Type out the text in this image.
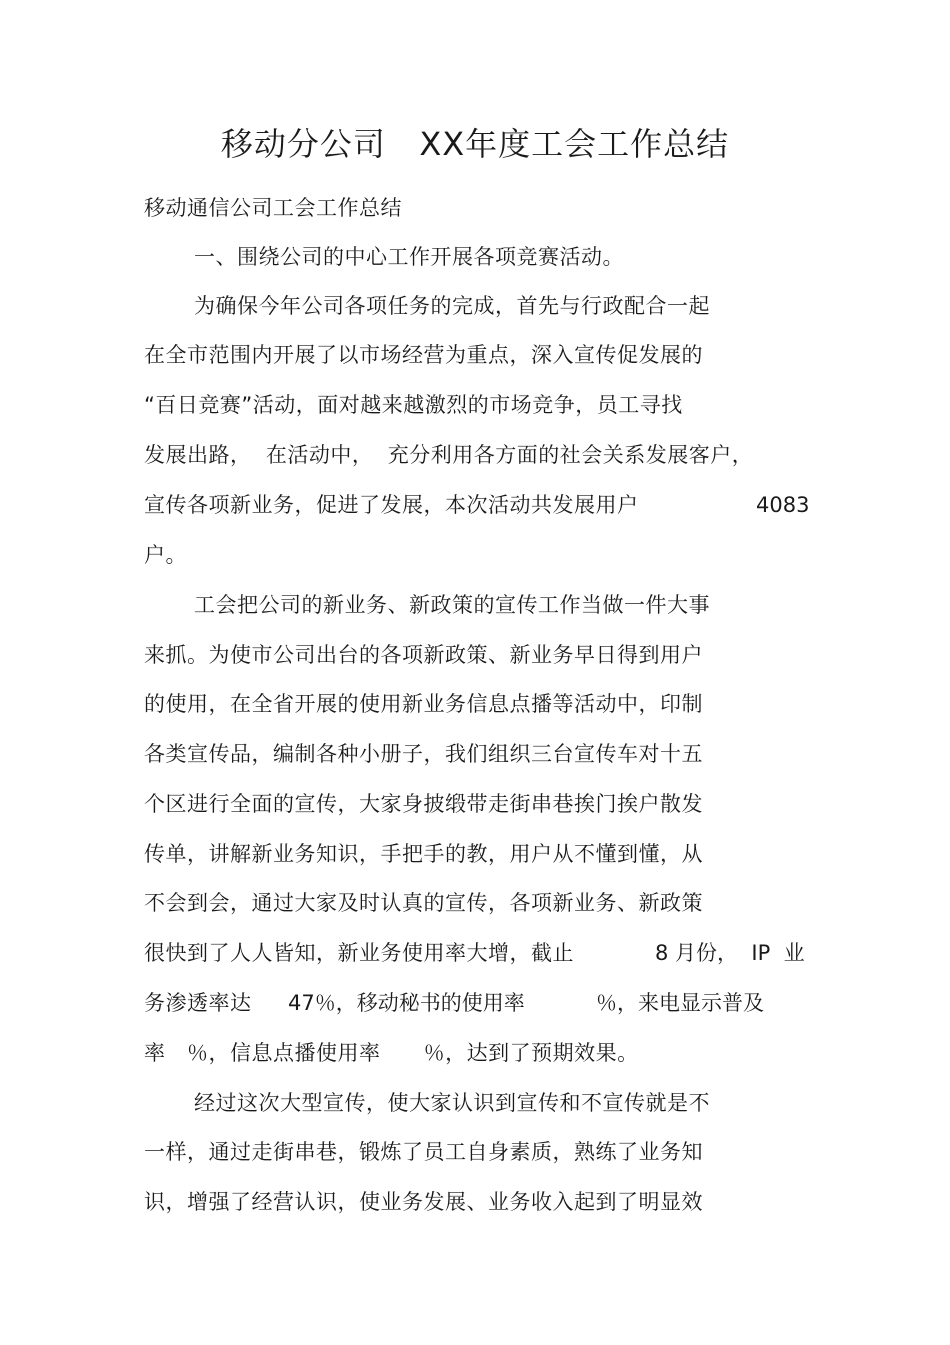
移动分公司   XX年度工会工作总结
移动通信公司工会工作总结
一、围绕公司的中心工作开展各项竞赛活动。
为确保今年公司各项任务的完成，首先与行政配合一起
在全市范围内开展了以市场经营为重点，深入宣传促发展的
“百日竞赛”活动，面对越来越激烈的市场竞争，员工寻找
发展出路，  在活动中，  充分利用各方面的社会关系发展客户，
宣传各项新业务，促进了发展，本次活动共发展用户	4083
户。
工会把公司的新业务、新政策的宣传工作当做一件大事
来抓。为使市公司出台的各项新政策、新业务早日得到用户
的使用，在全省开展的使用新业务信息点播等活动中，印制
各类宣传品，编制各种小册子，我们组织三台宣传车对十五
个区进行全面的宣传，大家身披缎带走街串巷挨门挨户散发
传单，讲解新业务知识，手把手的教，用户从不懂到懂，从
不会到会，通过大家及时认真的宣传，各项新业务、新政策
很快到了人人皆知，新业务使用率大增，截止	8 月份，  IP  业
务渗透率达 47％，移动秘书的使用率	％，来电显示普及
率   ％，信息点播使用率      ％，达到了预期效果。
经过这次大型宣传，使大家认识到宣传和不宣传就是不
一样，通过走街串巷，锻炼了员工自身素质，熟练了业务知
识，增强了经营认识，使业务发展、业务收入起到了明显效
